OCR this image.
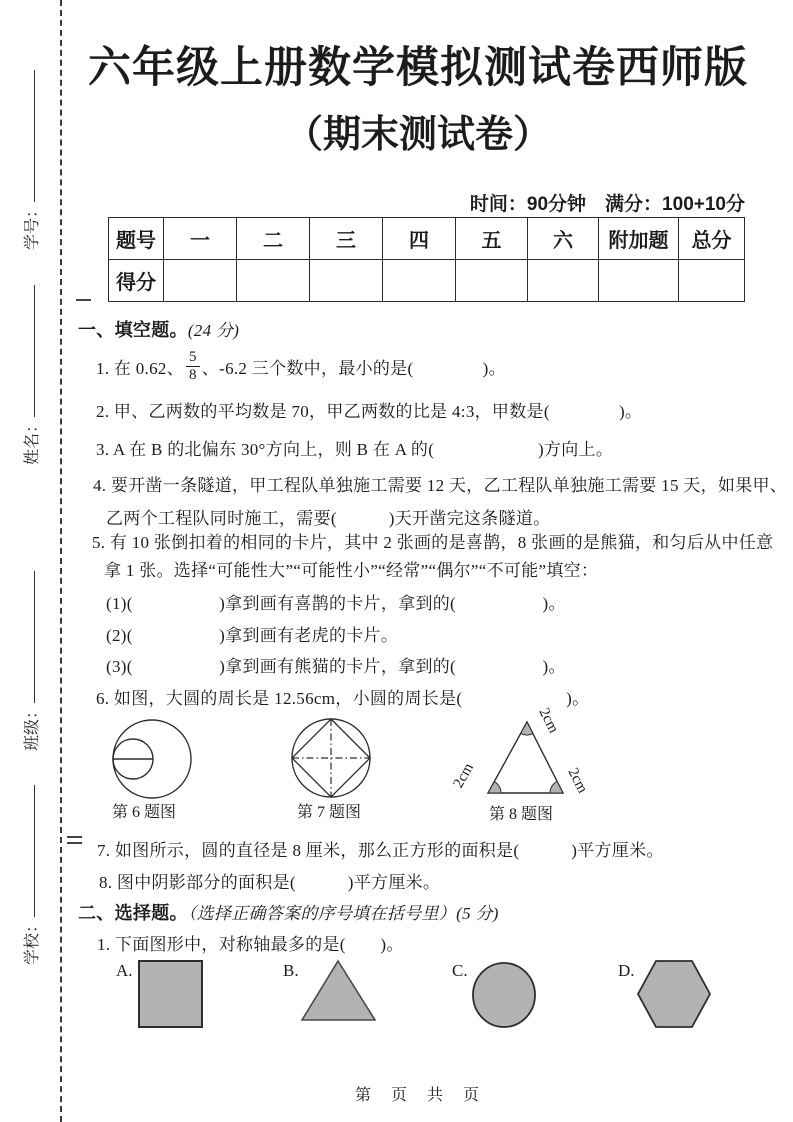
学号：
姓名：
班级：
学校：
六年级上册数学模拟测试卷西师版
（期末测试卷）
时间：90分钟　满分：100+10分
题号	一	二	三	四	五	六	附加题	总分
得分								
一、填空题。(24 分)
1. 在 0.62、 $\frac{5}{8}$ 、-6.2 三个数中，最小的是(　　　　)。
2. 甲、乙两数的平均数是 70，甲乙两数的比是 4:3，甲数是(　　　　)。
3. A 在 B 的北偏东 30°方向上，则 B 在 A 的(　　　　　　)方向上。
4. 要开凿一条隧道，甲工程队单独施工需要 12 天，乙工程队单独施工需要 15 天，如果甲、
乙两个工程队同时施工，需要(　　　)天开凿完这条隧道。
5. 有 10 张倒扣着的相同的卡片，其中 2 张画的是喜鹊，8 张画的是熊猫，和匀后从中任意
拿 1 张。选择“可能性大”“可能性小”“经常”“偶尔”“不可能”填空：
(1)(　　　　　)拿到画有喜鹊的卡片，拿到的(　　　　　)。
(2)(　　　　　)拿到画有老虎的卡片。
(3)(　　　　　)拿到画有熊猫的卡片，拿到的(　　　　　)。
6. 如图，大圆的周长是 12.56cm，小圆的周长是(　　　　　　)。
第 6 题图	第 7 题图
2cm
2cm	2cm
第 8 题图
7. 如图所示，圆的直径是 8 厘米，那么正方形的面积是(　　　)平方厘米。
8. 图中阴影部分的面积是(　　　)平方厘米。
二、选择题。（选择正确答案的序号填在括号里）(5 分)
1. 下面图形中，对称轴最多的是(　　)。
A.	B.	C.	D.
第　页　共　页
